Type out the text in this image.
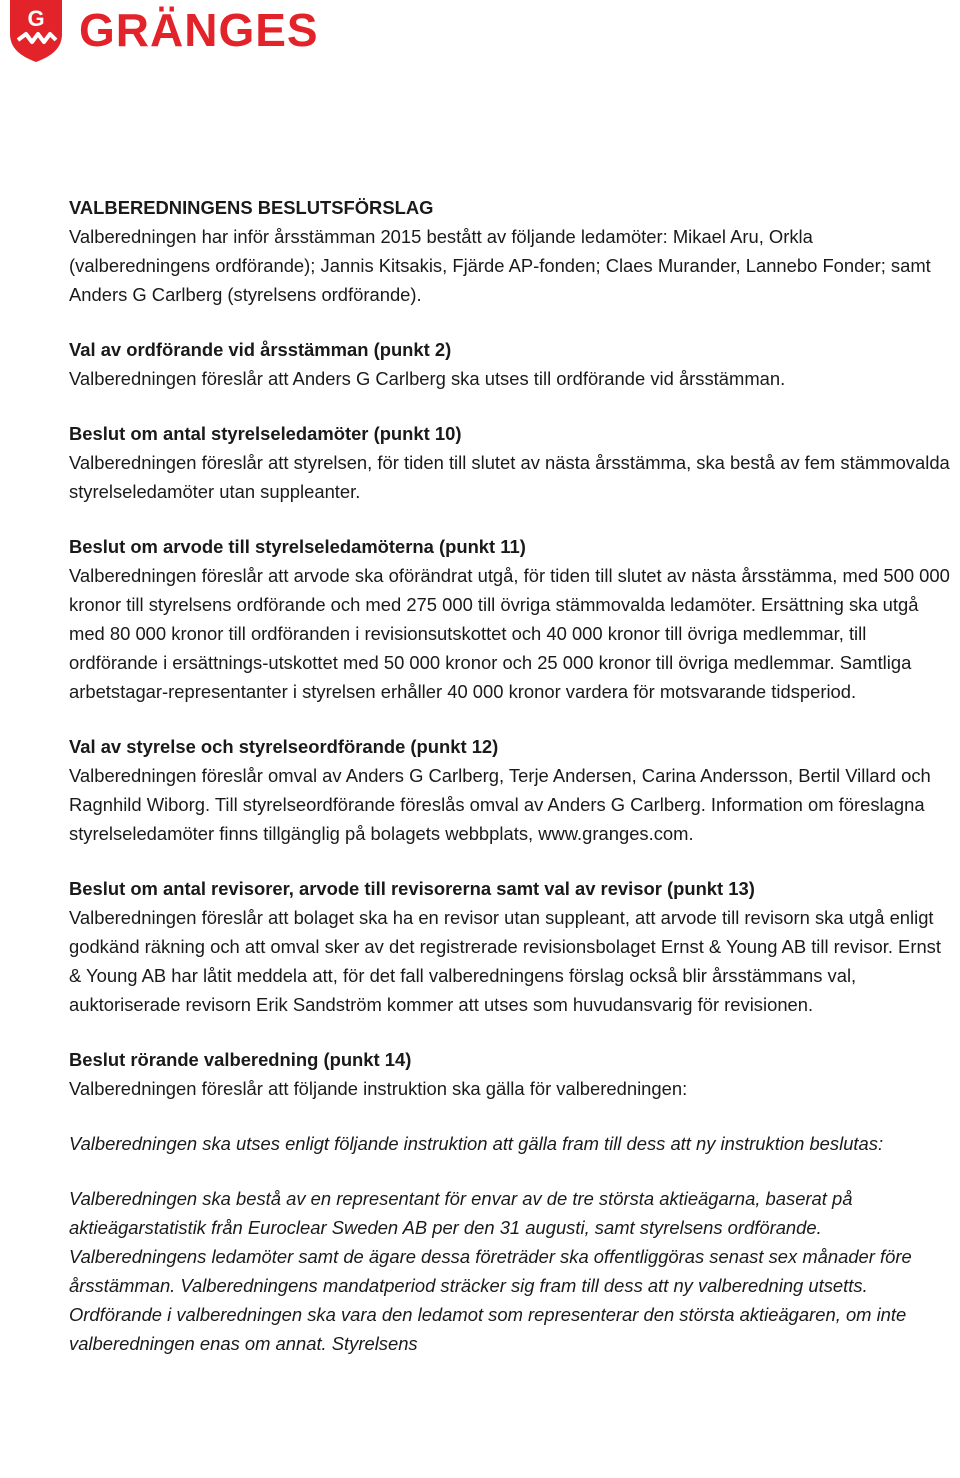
G GRÄNGES
VALBEREDNINGENS BESLUTSFÖRSLAG
Valberedningen har inför årsstämman 2015 bestått av följande ledamöter: Mikael Aru, Orkla (valberedningens ordförande); Jannis Kitsakis, Fjärde AP-fonden; Claes Murander, Lannebo Fonder; samt Anders G Carlberg (styrelsens ordförande).
Val av ordförande vid årsstämman (punkt 2)
Valberedningen föreslår att Anders G Carlberg ska utses till ordförande vid årsstämman.
Beslut om antal styrelseledamöter (punkt 10)
Valberedningen föreslår att styrelsen, för tiden till slutet av nästa årsstämma, ska bestå av fem stämmovalda styrelseledamöter utan suppleanter.
Beslut om arvode till styrelseledamöterna (punkt 11)
Valberedningen föreslår att arvode ska oförändrat utgå, för tiden till slutet av nästa årsstämma, med 500 000 kronor till styrelsens ordförande och med 275 000 till övriga stämmovalda ledamöter. Ersättning ska utgå med 80 000 kronor till ordföranden i revisionsutskottet och 40 000 kronor till övriga medlemmar, till ordförande i ersättnings-utskottet med 50 000 kronor och 25 000 kronor till övriga medlemmar. Samtliga arbetstagar-representanter i styrelsen erhåller 40 000 kronor vardera för motsvarande tidsperiod.
Val av styrelse och styrelseordförande (punkt 12)
Valberedningen föreslår omval av Anders G Carlberg, Terje Andersen, Carina Andersson, Bertil Villard och Ragnhild Wiborg. Till styrelseordförande föreslås omval av Anders G Carlberg. Information om föreslagna styrelseledamöter finns tillgänglig på bolagets webbplats, www.granges.com.
Beslut om antal revisorer, arvode till revisorerna samt val av revisor (punkt 13)
Valberedningen föreslår att bolaget ska ha en revisor utan suppleant, att arvode till revisorn ska utgå enligt godkänd räkning och att omval sker av det registrerade revisionsbolaget Ernst & Young AB till revisor. Ernst & Young AB har låtit meddela att, för det fall valberedningens förslag också blir årsstämmans val, auktoriserade revisorn Erik Sandström kommer att utses som huvudansvarig för revisionen.
Beslut rörande valberedning (punkt 14)
Valberedningen föreslår att följande instruktion ska gälla för valberedningen:
Valberedningen ska utses enligt följande instruktion att gälla fram till dess att ny instruktion beslutas:
Valberedningen ska bestå av en representant för envar av de tre största aktieägarna, baserat på aktieägarstatistik från Euroclear Sweden AB per den 31 augusti, samt styrelsens ordförande. Valberedningens ledamöter samt de ägare dessa företräder ska offentliggöras senast sex månader före årsstämman. Valberedningens mandatperiod sträcker sig fram till dess att ny valberedning utsetts. Ordförande i valberedningen ska vara den ledamot som representerar den största aktieägaren, om inte valberedningen enas om annat. Styrelsens
